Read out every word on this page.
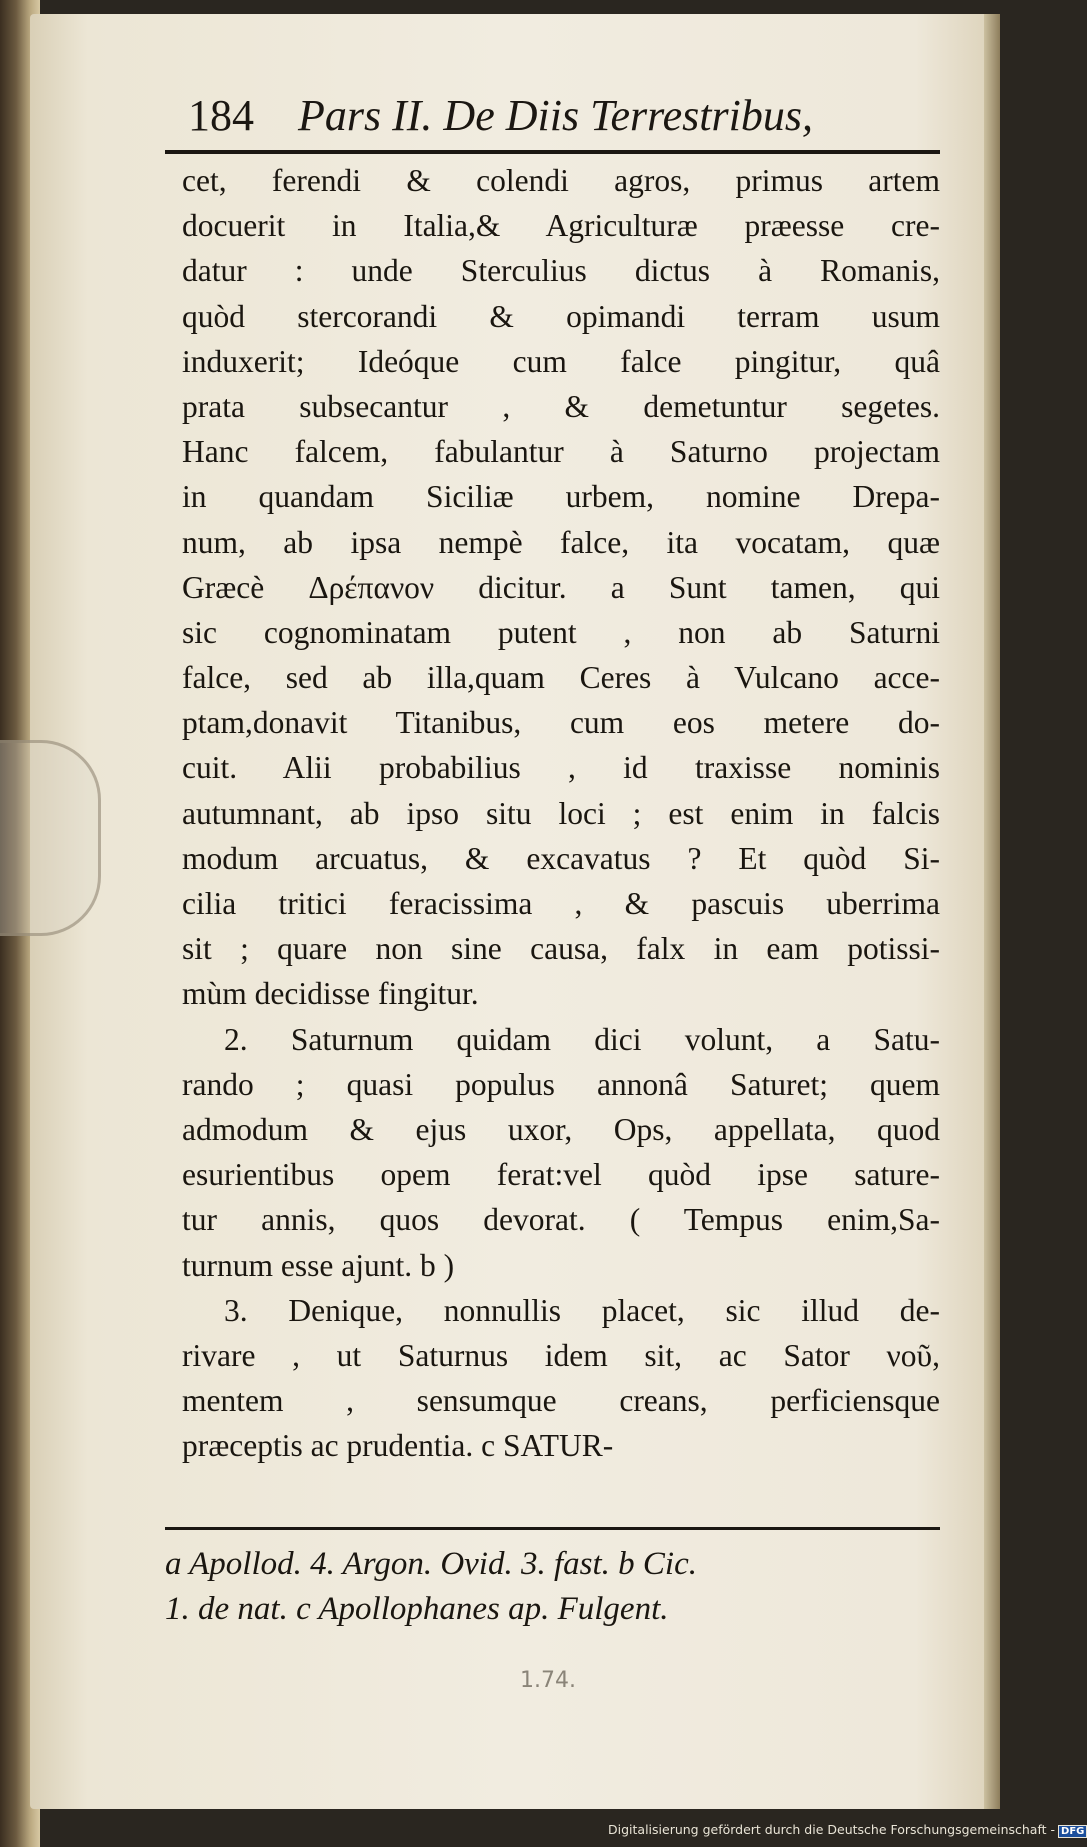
184 Pars II. De Diis Terrestribus,
cet, ferendi & colendi agros, primus artem
docuerit in Italia,& Agriculturæ præesse cre-
datur : unde Sterculius dictus à Romanis,
quòd stercorandi & opimandi terram usum
induxerit; Ideóque cum falce pingitur, quâ
prata subsecantur , & demetuntur segetes.
Hanc falcem, fabulantur à Saturno projectam
in quandam Siciliæ urbem, nomine Drepa-
num, ab ipsa nempè falce, ita vocatam, quæ
Græcè Δρέπανον dicitur. a Sunt tamen, qui
sic cognominatam putent , non ab Saturni
falce, sed ab illa,quam Ceres à Vulcano acce-
ptam,donavit Titanibus, cum eos metere do-
cuit. Alii probabilius , id traxisse nominis
autumnant, ab ipso situ loci ; est enim in falcis
modum arcuatus, & excavatus ? Et quòd Si-
cilia tritici feracissima , & pascuis uberrima
sit ; quare non sine causa, falx in eam potissi-
mùm decidisse fingitur.
2. Saturnum quidam dici volunt, a Satu-
rando ; quasi populus annonâ Saturet; quem
admodum & ejus uxor, Ops, appellata, quod
esurientibus opem ferat:vel quòd ipse sature-
tur annis, quos devorat. ( Tempus enim,Sa-
turnum esse ajunt. b )
3. Denique, nonnullis placet, sic illud de-
rivare , ut Saturnus idem sit, ac Sator νοῦ,
mentem , sensumque creans, perficiensque
præceptis ac prudentia. c SATUR-
a Apollod. 4. Argon. Ovid. 3. fast. b Cic.
1. de nat. c Apollophanes ap. Fulgent.
1.74.
Digitalisierung gefördert durch die Deutsche Forschungsgemeinschaft - DFG
